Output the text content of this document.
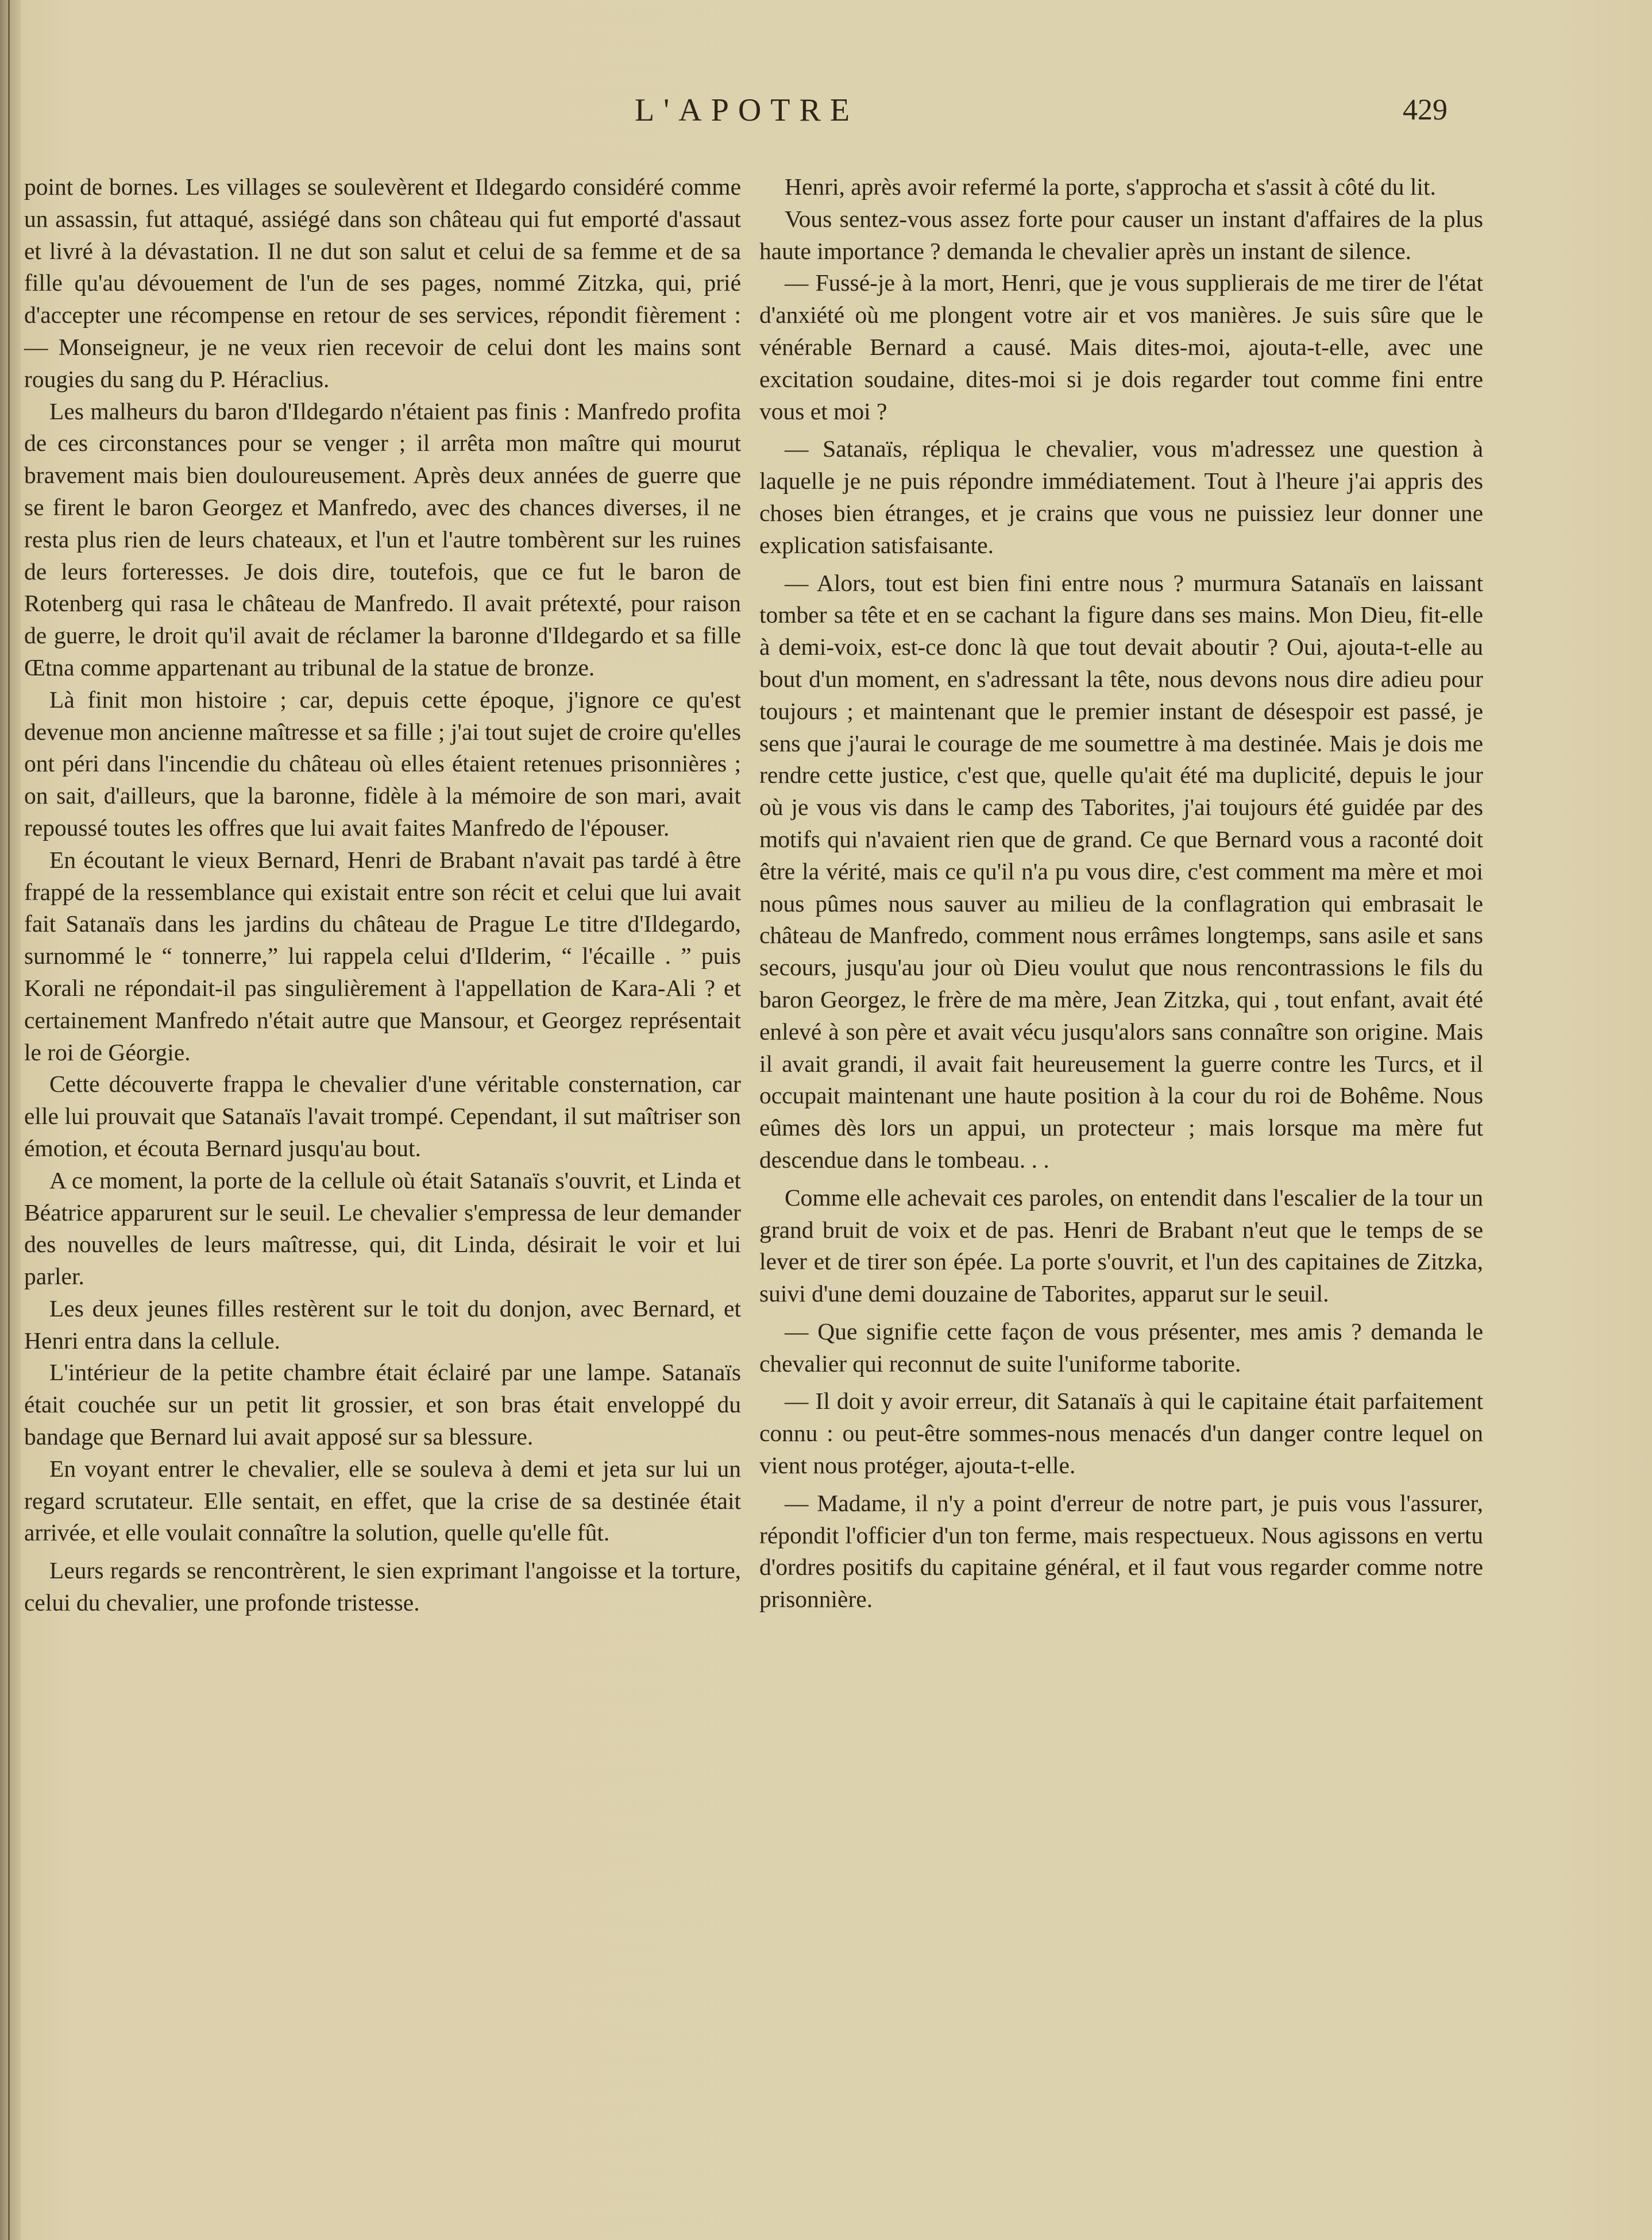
L'APOTRE	429

point de bornes. Les villages se soulevèrent et Ildegardo considéré comme un assassin, fut attaqué, assiégé dans son château qui fut emporté d'assaut et livré à la dévastation. Il ne dut son salut et celui de sa femme et de sa fille qu'au dévouement de l'un de ses pages, nommé Zitzka, qui, prié d'accepter une récompense en retour de ses services, répondit fièrement : — Monseigneur, je ne veux rien recevoir de celui dont les mains sont rougies du sang du P. Héraclius.

Les malheurs du baron d'Ildegardo n'étaient pas finis : Manfredo profita de ces circonstances pour se venger ; il arrêta mon maître qui mourut bravement mais bien douloureusement. Après deux années de guerre que se firent le baron Georgez et Manfredo, avec des chances diverses, il ne resta plus rien de leurs chateaux, et l'un et l'autre tombèrent sur les ruines de leurs forteresses. Je dois dire, toutefois, que ce fut le baron de Rotenberg qui rasa le château de Manfredo. Il avait prétexté, pour raison de guerre, le droit qu'il avait de réclamer la baronne d'Ildegardo et sa fille Œtna comme appartenant au tribunal de la statue de bronze.

Là finit mon histoire ; car, depuis cette époque, j'ignore ce qu'est devenue mon ancienne maîtresse et sa fille ; j'ai tout sujet de croire qu'elles ont péri dans l'incendie du château où elles étaient retenues prisonnières ; on sait, d'ailleurs, que la baronne, fidèle à la mémoire de son mari, avait repoussé toutes les offres que lui avait faites Manfredo de l'épouser.

En écoutant le vieux Bernard, Henri de Brabant n'avait pas tardé à être frappé de la ressemblance qui existait entre son récit et celui que lui avait fait Satanaïs dans les jardins du château de Prague Le titre d'Ildegardo, surnommé le “ tonnerre,” lui rappela celui d'Ilderim, “ l'écaille . ” puis Korali ne répondait-il pas singulièrement à l'appellation de Kara-Ali ? et certainement Manfredo n'était autre que Mansour, et Georgez représentait le roi de Géorgie.

Cette découverte frappa le chevalier d'une véritable consternation, car elle lui prouvait que Satanaïs l'avait trompé. Cependant, il sut maîtriser son émotion, et écouta Bernard jusqu'au bout.

A ce moment, la porte de la cellule où était Satanaïs s'ouvrit, et Linda et Béatrice apparurent sur le seuil. Le chevalier s'empressa de leur demander des nouvelles de leurs maîtresse, qui, dit Linda, désirait le voir et lui parler.

Les deux jeunes filles restèrent sur le toit du donjon, avec Bernard, et Henri entra dans la cellule.

L'intérieur de la petite chambre était éclairé par une lampe. Satanaïs était couchée sur un petit lit grossier, et son bras était enveloppé du bandage que Bernard lui avait apposé sur sa blessure.

En voyant entrer le chevalier, elle se souleva à demi et jeta sur lui un regard scrutateur. Elle sentait, en effet, que la crise de sa destinée était arrivée, et elle voulait connaître la solution, quelle qu'elle fût.

Leurs regards se rencontrèrent, le sien exprimant l'angoisse et la torture, celui du chevalier, une profonde tristesse.

Henri, après avoir refermé la porte, s'approcha et s'assit à côté du lit.

Vous sentez-vous assez forte pour causer un instant d'affaires de la plus haute importance ? demanda le chevalier après un instant de silence.

— Fussé-je à la mort, Henri, que je vous supplierais de me tirer de l'état d'anxiété où me plongent votre air et vos manières. Je suis sûre que le vénérable Bernard a causé. Mais dites-moi, ajouta-t-elle, avec une excitation soudaine, dites-moi si je dois regarder tout comme fini entre vous et moi ?

— Satanaïs, répliqua le chevalier, vous m'adressez une question à laquelle je ne puis répondre immédiatement. Tout à l'heure j'ai appris des choses bien étranges, et je crains que vous ne puissiez leur donner une explication satisfaisante.

— Alors, tout est bien fini entre nous ? murmura Satanaïs en laissant tomber sa tête et en se cachant la figure dans ses mains. Mon Dieu, fit-elle à demi-voix, est-ce donc là que tout devait aboutir ? Oui, ajouta-t-elle au bout d'un moment, en s'adressant la tête, nous devons nous dire adieu pour toujours ; et maintenant que le premier instant de désespoir est passé, je sens que j'aurai le courage de me soumettre à ma destinée. Mais je dois me rendre cette justice, c'est que, quelle qu'ait été ma duplicité, depuis le jour où je vous vis dans le camp des Taborites, j'ai toujours été guidée par des motifs qui n'avaient rien que de grand. Ce que Bernard vous a raconté doit être la vérité, mais ce qu'il n'a pu vous dire, c'est comment ma mère et moi nous pûmes nous sauver au milieu de la conflagration qui embrasait le château de Manfredo, comment nous errâmes longtemps, sans asile et sans secours, jusqu'au jour où Dieu voulut que nous rencontrassions le fils du baron Georgez, le frère de ma mère, Jean Zitzka, qui , tout enfant, avait été enlevé à son père et avait vécu jusqu'alors sans connaître son origine. Mais il avait grandi, il avait fait heureusement la guerre contre les Turcs, et il occupait maintenant une haute position à la cour du roi de Bohême. Nous eûmes dès lors un appui, un protecteur ; mais lorsque ma mère fut descendue dans le tombeau. . .

Comme elle achevait ces paroles, on entendit dans l'escalier de la tour un grand bruit de voix et de pas. Henri de Brabant n'eut que le temps de se lever et de tirer son épée. La porte s'ouvrit, et l'un des capitaines de Zitzka, suivi d'une demi douzaine de Taborites, apparut sur le seuil.

— Que signifie cette façon de vous présenter, mes amis ? demanda le chevalier qui reconnut de suite l'uniforme taborite.

— Il doit y avoir erreur, dit Satanaïs à qui le capitaine était parfaitement connu : ou peut-être sommes-nous menacés d'un danger contre lequel on vient nous protéger, ajouta-t-elle.

— Madame, il n'y a point d'erreur de notre part, je puis vous l'assurer, répondit l'officier d'un ton ferme, mais respectueux. Nous agissons en vertu d'ordres positifs du capitaine général, et il faut vous regarder comme notre prisonnière.
